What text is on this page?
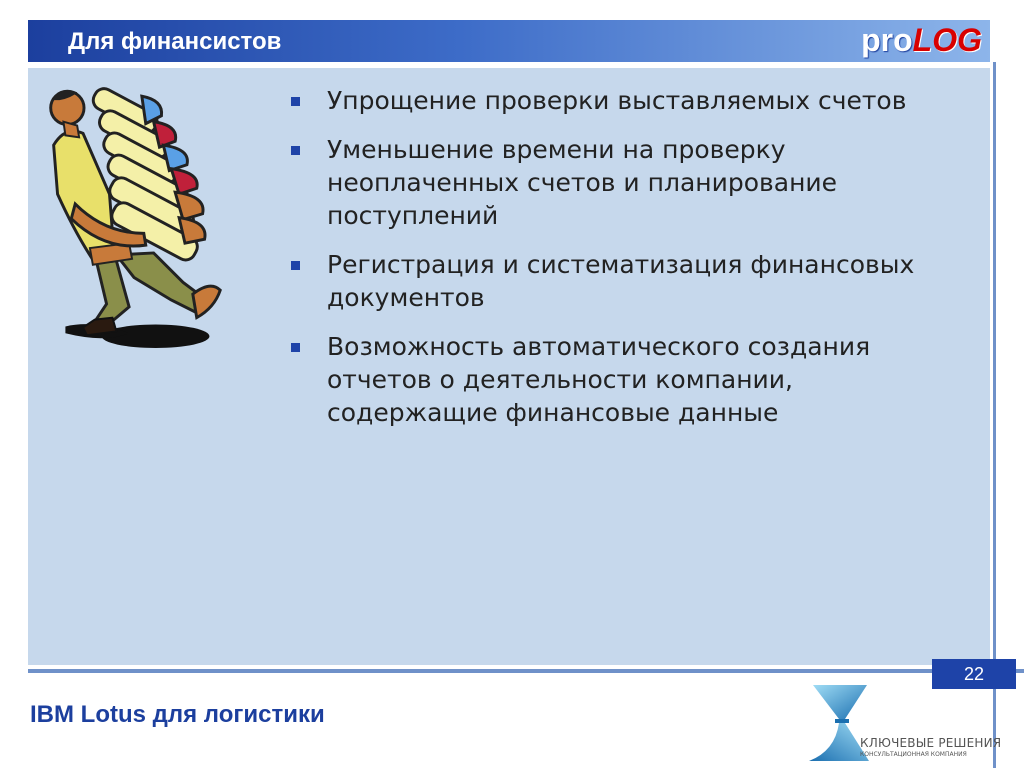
Для финансистов	proLOG
Упрощение проверки выставляемых счетов
Уменьшение времени на проверку неоплаченных счетов и планирование поступлений
Регистрация и систематизация финансовых документов
Возможность автоматического создания отчетов о деятельности компании, содержащие финансовые данные
22
IBM Lotus для логистики
КЛЮЧЕВЫЕ РЕШЕНИЯ
КОНСУЛЬТАЦИОННАЯ КОМПАНИЯ
